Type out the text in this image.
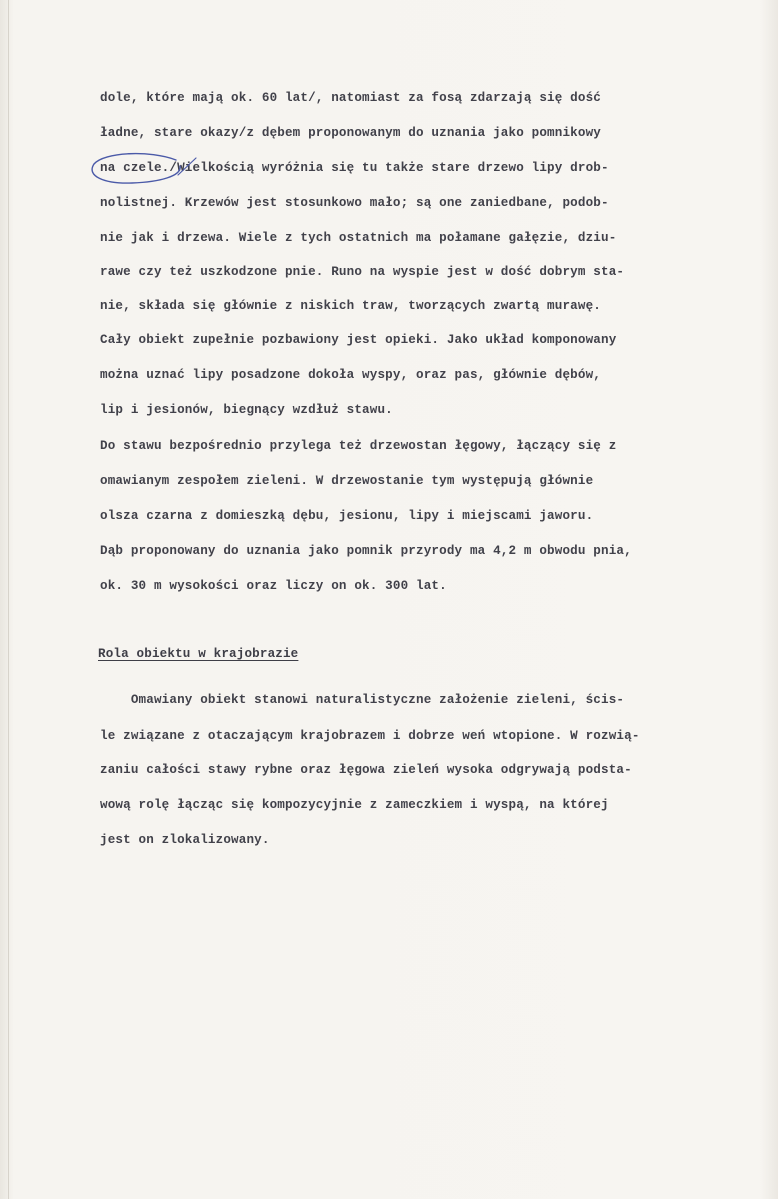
dole, które mają ok. 60 lat/, natomiast za fosą zdarzają się dość
ładne, stare okazy/z dębem proponowanym do uznania jako pomnikowy
na czele./Wielkością wyróżnia się tu także stare drzewo lipy drob-
nolistnej. Krzewów jest stosunkowo mało; są one zaniedbane, podob-
nie jak i drzewa. Wiele z tych ostatnich ma połamane gałęzie, dziu-
rawe czy też uszkodzone pnie. Runo na wyspie jest w dość dobrym sta-
nie, składa się głównie z niskich traw, tworzących zwartą murawę.
Cały obiekt zupełnie pozbawiony jest opieki. Jako układ komponowany
można uznać lipy posadzone dokoła wyspy, oraz pas, głównie dębów,
lip i jesionów, biegnący wzdłuż stawu.
Do stawu bezpośrednio przylega też drzewostan łęgowy, łączący się z
omawianym zespołem zieleni. W drzewostanie tym występują głównie
olsza czarna z domieszką dębu, jesionu, lipy i miejscami jaworu.
Dąb proponowany do uznania jako pomnik przyrody ma 4,2 m obwodu pnia,
ok. 30 m wysokości oraz liczy on ok. 300 lat.
Rola obiektu w krajobrazie
Omawiany obiekt stanowi naturalistyczne założenie zieleni, ścis-
le związane z otaczającym krajobrazem i dobrze weń wtopione. W rozwią-
zaniu całości stawy rybne oraz łęgowa zieleń wysoka odgrywają podsta-
wową rolę łącząc się kompozycyjnie z zameczkiem i wyspą, na której
jest on zlokalizowany.
